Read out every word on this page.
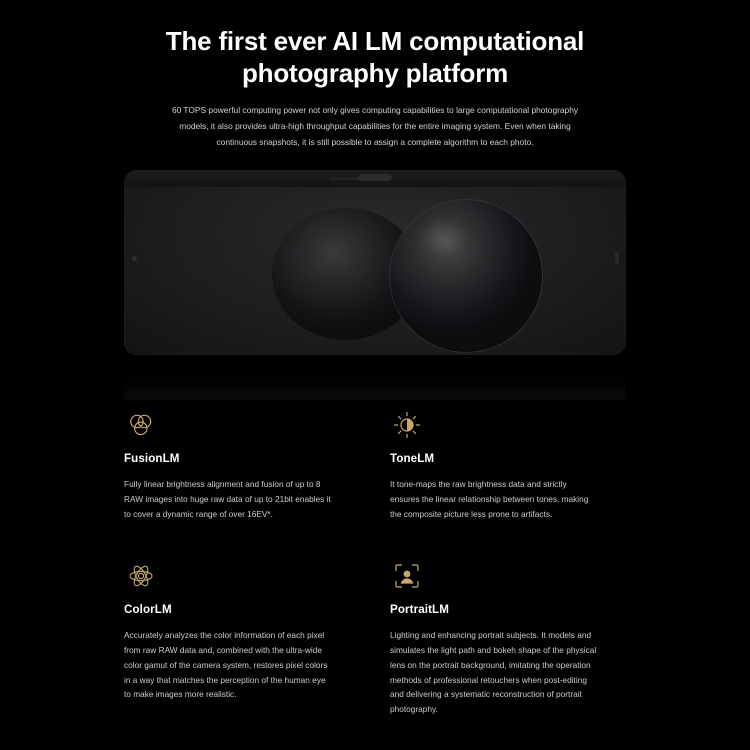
The first ever AI LM computational photography platform
60 TOPS powerful computing power not only gives computing capabilities to large computational photography models, it also provides ultra-high throughput capabilities for the entire imaging system. Even when taking continuous snapshots, it is still possible to assign a complete algorithm to each photo.
FusionLM

Fully linear brightness alignment and fusion of up to 8 RAW images into huge raw data of up to 21bit enables it to cover a dynamic range of over 16EV*.

ToneLM

It tone-maps the raw brightness data and strictly ensures the linear relationship between tones, making the composite picture less prone to artifacts.

ColorLM

Accurately analyzes the color information of each pixel from raw RAW data and, combined with the ultra-wide color gamut of the camera system, restores pixel colors in a way that matches the perception of the human eye to make images more realistic.

PortraitLM

Lighting and enhancing portrait subjects. It models and simulates the light path and bokeh shape of the physical lens on the portrait background, imitating the operation methods of professional retouchers when post-editing and delivering a systematic reconstruction of portrait photography.
